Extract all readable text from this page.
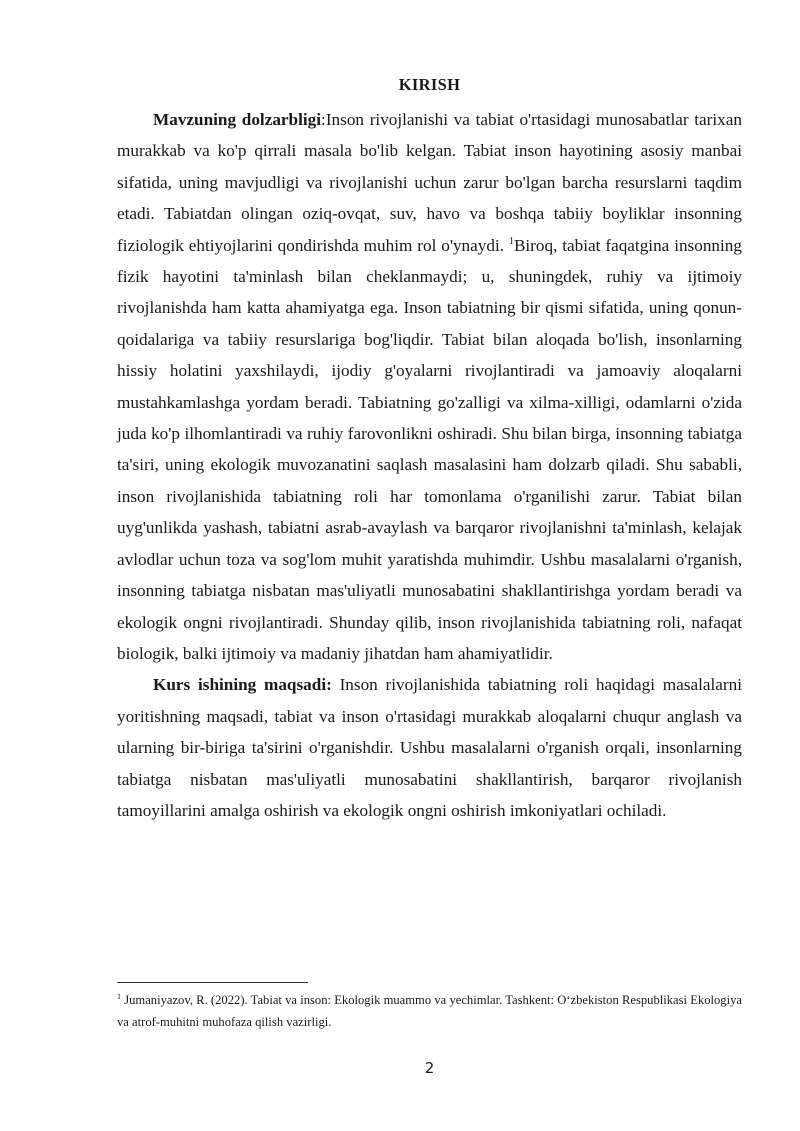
KIRISH

Mavzuning dolzarbligi:Inson rivojlanishi va tabiat o'rtasidagi munosabatlar tarixan murakkab va ko'p qirrali masala bo'lib kelgan. Tabiat inson hayotining asosiy manbai sifatida, uning mavjudligi va rivojlanishi uchun zarur bo'lgan barcha resurslarni taqdim etadi. Tabiatdan olingan oziq-ovqat, suv, havo va boshqa tabiiy boyliklar insonning fiziologik ehtiyojlarini qondirishda muhim rol o'ynaydi. $^1$Biroq, tabiat faqatgina insonning fizik hayotini ta'minlash bilan cheklanmaydi; u, shuningdek, ruhiy va ijtimoiy rivojlanishda ham katta ahamiyatga ega. Inson tabiatning bir qismi sifatida, uning qonun-qoidalariga va tabiiy resurslariga bog'liqdir. Tabiat bilan aloqada bo'lish, insonlarning hissiy holatini yaxshilaydi, ijodiy g'oyalarni rivojlantiradi va jamoaviy aloqalarni mustahkamlashga yordam beradi. Tabiatning go'zalligi va xilma-xilligi, odamlarni o'zida juda ko'p ilhomlantiradi va ruhiy farovonlikni oshiradi. Shu bilan birga, insonning tabiatga ta'siri, uning ekologik muvozanatini saqlash masalasini ham dolzarb qiladi. Shu sababli, inson rivojlanishida tabiatning roli har tomonlama o'rganilishi zarur. Tabiat bilan uyg'unlikda yashash, tabiatni asrab-avaylash va barqaror rivojlanishni ta'minlash, kelajak avlodlar uchun toza va sog'lom muhit yaratishda muhimdir. Ushbu masalalarni o'rganish, insonning tabiatga nisbatan mas'uliyatli munosabatini shakllantirishga yordam beradi va ekologik ongni rivojlantiradi. Shunday qilib, inson rivojlanishida tabiatning roli, nafaqat biologik, balki ijtimoiy va madaniy jihatdan ham ahamiyatlidir.

Kurs ishining maqsadi: Inson rivojlanishida tabiatning roli haqidagi masalalarni yoritishning maqsadi, tabiat va inson o'rtasidagi murakkab aloqalarni chuqur anglash va ularning bir-biriga ta'sirini o'rganishdir. Ushbu masalalarni o'rganish orqali, insonlarning tabiatga nisbatan mas'uliyatli munosabatini shakllantirish, barqaror rivojlanish tamoyillarini amalga oshirish va ekologik ongni oshirish imkoniyatlari ochiladi.

$^1$ Jumaniyazov, R. (2022). Tabiat va inson: Ekologik muammo va yechimlar. Tashkent: O‘zbekiston Respublikasi Ekologiya va atrof-muhitni muhofaza qilish vazirligi.
2
